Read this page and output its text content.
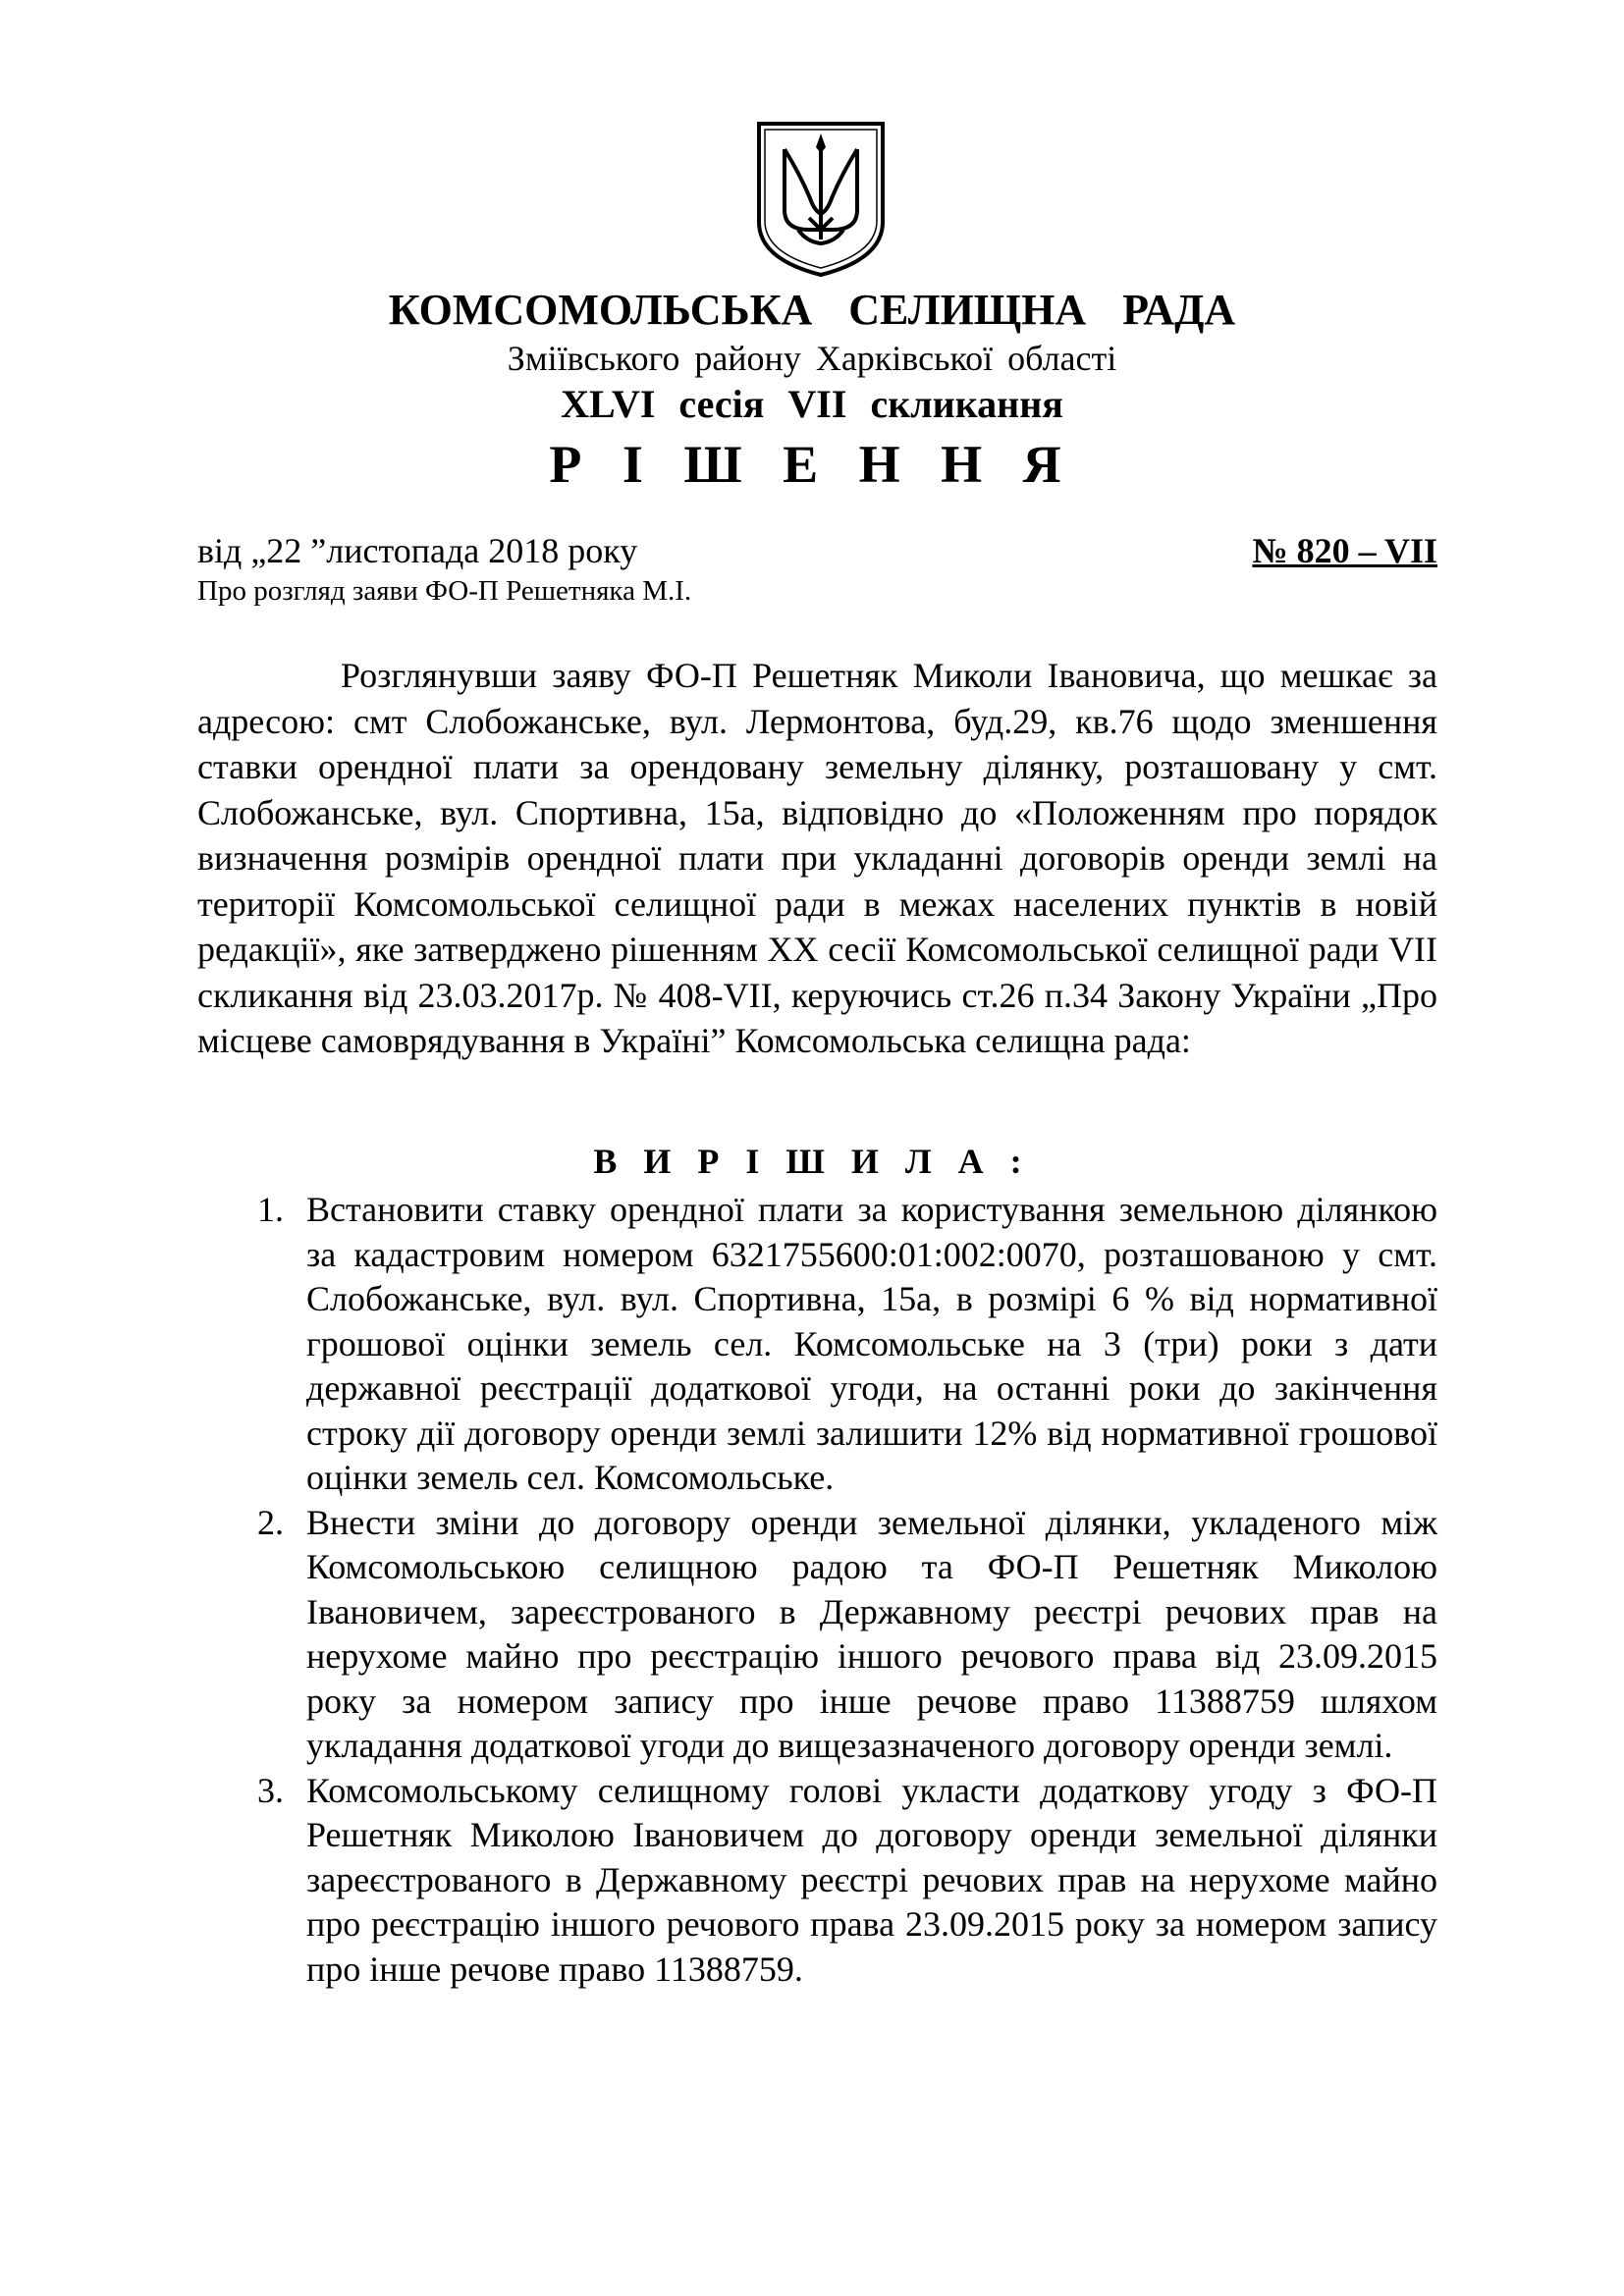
КОМСОМОЛЬСЬКА СЕЛИЩНА РАДА
Зміївського району Харківської області
XLVI сесія VII скликання
Р І Ш Е Н Н Я
від „22 ”листопада 2018 року	№ 820 – VII
Про розгляд заяви ФО-П Решетняка М.І.

Розглянувши заяву ФО-П Решетняк Миколи Івановича, що мешкає за адресою: смт Слобожанське, вул. Лермонтова, буд.29, кв.76 щодо зменшення ставки орендної плати за орендовану земельну ділянку, розташовану у смт. Слобожанське, вул. Спортивна, 15а, відповідно до «Положенням про порядок визначення розмірів орендної плати при укладанні договорів оренди землі на території Комсомольської селищної ради в межах населених пунктів в новій редакції», яке затверджено рішенням ХХ сесії Комсомольської селищної ради VII скликання від 23.03.2017р. № 408-VII, керуючись ст.26 п.34 Закону України „Про місцеве самоврядування в Україні” Комсомольська селищна рада:

В И Р І Ш И Л А :
1. Встановити ставку орендної плати за користування земельною ділянкою за кадастровим номером 6321755600:01:002:0070, розташованою у смт. Слобожанське, вул. вул. Спортивна, 15а, в розмірі 6 % від нормативної грошової оцінки земель сел. Комсомольське на 3 (три) роки з дати державної реєстрації додаткової угоди, на останні роки до закінчення строку дії договору оренди землі залишити 12% від нормативної грошової оцінки земель сел. Комсомольське.
2. Внести зміни до договору оренди земельної ділянки, укладеного між Комсомольською селищною радою та ФО-П Решетняк Миколою Івановичем, зареєстрованого в Державному реєстрі речових прав на нерухоме майно про реєстрацію іншого речового права від 23.09.2015 року за номером запису про інше речове право 11388759 шляхом укладання додаткової угоди до вищезазначеного договору оренди землі.
3. Комсомольському селищному голові укласти додаткову угоду з ФО-П Решетняк Миколою Івановичем до договору оренди земельної ділянки зареєстрованого в Державному реєстрі речових прав на нерухоме майно про реєстрацію іншого речового права 23.09.2015 року за номером запису про інше речове право 11388759.
